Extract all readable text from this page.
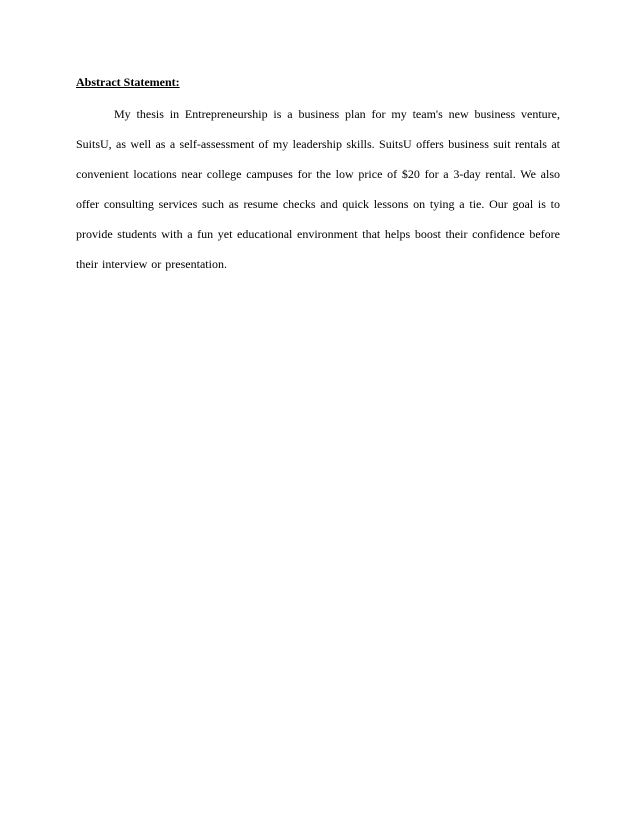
Abstract Statement:

My thesis in Entrepreneurship is a business plan for my team's new business venture, SuitsU, as well as a self-assessment of my leadership skills. SuitsU offers business suit rentals at convenient locations near college campuses for the low price of $20 for a 3-day rental. We also offer consulting services such as resume checks and quick lessons on tying a tie. Our goal is to provide students with a fun yet educational environment that helps boost their confidence before their interview or presentation.
